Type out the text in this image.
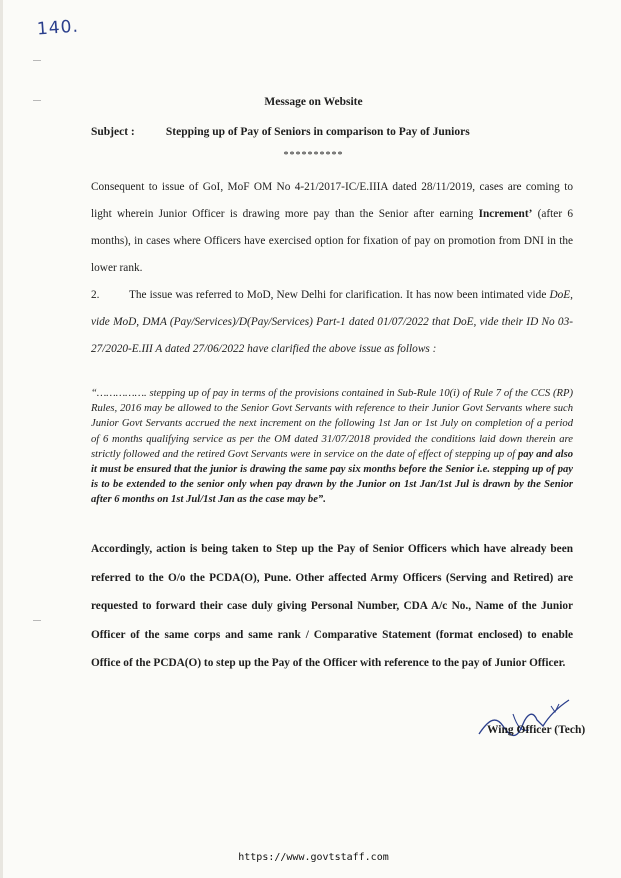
140.
Message on Website
Subject :	Stepping up of Pay of Seniors in comparison to Pay of Juniors
**********
Consequent to issue of GoI, MoF OM No 4-21/2017-IC/E.IIIA dated 28/11/2019, cases are coming to light wherein Junior Officer is drawing more pay than the Senior after earning Increment’ (after 6 months), in cases where Officers have exercised option for fixation of pay on promotion from DNI in the lower rank.
2.	The issue was referred to MoD, New Delhi for clarification. It has now been intimated vide DoE, vide MoD, DMA (Pay/Services)/D(Pay/Services) Part-1 dated 01/07/2022 that DoE, vide their ID No 03-27/2020-E.III A dated 27/06/2022 have clarified the above issue as follows :
“……………. stepping up of pay in terms of the provisions contained in Sub-Rule 10(i) of Rule 7 of the CCS (RP) Rules, 2016 may be allowed to the Senior Govt Servants with reference to their Junior Govt Servants where such Junior Govt Servants accrued the next increment on the following 1st Jan or 1st July on completion of a period of 6 months qualifying service as per the OM dated 31/07/2018 provided the conditions laid down therein are strictly followed and the retired Govt Servants were in service on the date of effect of stepping up of pay and also it must be ensured that the junior is drawing the same pay six months before the Senior i.e. stepping up of pay is to be extended to the senior only when pay drawn by the Junior on 1st Jan/1st Jul is drawn by the Senior after 6 months on 1st Jul/1st Jan as the case may be”.
Accordingly, action is being taken to Step up the Pay of Senior Officers which have already been referred to the O/o the PCDA(O), Pune. Other affected Army Officers (Serving and Retired) are requested to forward their case duly giving Personal Number, CDA A/c No., Name of the Junior Officer of the same corps and same rank / Comparative Statement (format enclosed) to enable Office of the PCDA(O) to step up the Pay of the Officer with reference to the pay of Junior Officer.
Wing Officer (Tech)
https://www.govtstaff.com
